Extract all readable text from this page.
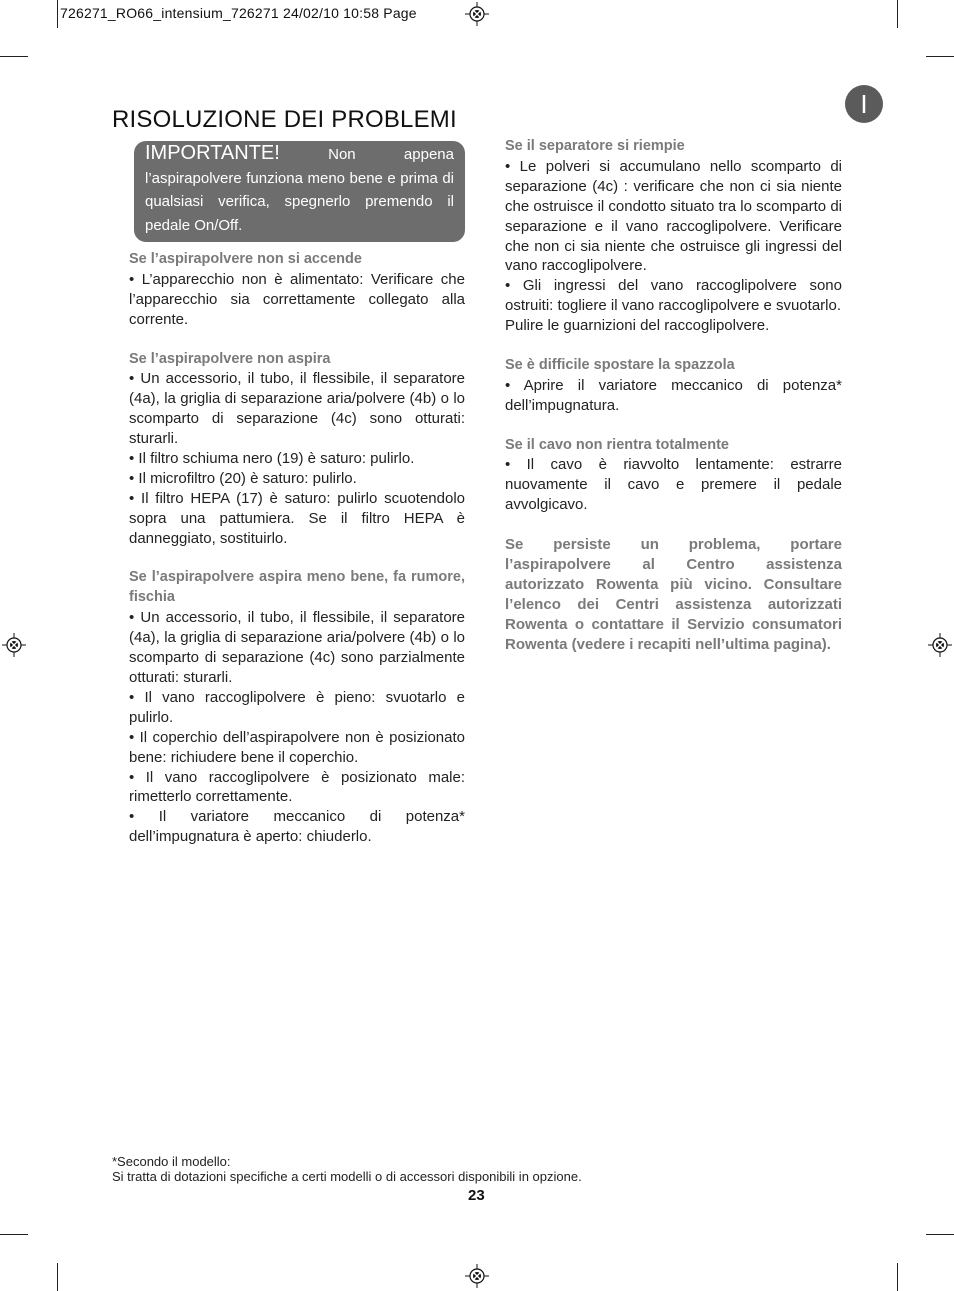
726271_RO66_intensium_726271 24/02/10 10:58 Page
I
RISOLUZIONE DEI PROBLEMI

IMPORTANTE!	Non appena l’aspirapolvere funziona meno bene e prima di qualsiasi verifica, spegnerlo premendo il pedale On/Off.

Se l’aspirapolvere non si accende

• L’apparecchio non è alimentato: Verificare che l’apparecchio sia correttamente collegato alla corrente.

Se l’aspirapolvere non aspira

• Un accessorio, il tubo, il flessibile, il separatore (4a), la griglia di separazione aria/polvere (4b) o lo scomparto di separazione (4c) sono otturati: sturarli.

• Il filtro schiuma nero (19) è saturo: pulirlo.

• Il microfiltro (20) è saturo: pulirlo.

• Il filtro HEPA (17) è saturo: pulirlo scuotendolo sopra una pattumiera. Se il filtro HEPA è danneggiato, sostituirlo.

Se l’aspirapolvere aspira meno bene, fa rumore, fischia

• Un accessorio, il tubo, il flessibile, il separatore (4a), la griglia di separazione aria/polvere (4b) o lo scomparto di separazione (4c) sono parzialmente otturati: sturarli.

• Il vano raccoglipolvere è pieno: svuotarlo e pulirlo.

• Il coperchio dell’aspirapolvere non è posizionato bene: richiudere bene il coperchio.

• Il vano raccoglipolvere è posizionato male: rimetterlo correttamente.

• Il variatore meccanico di potenza* dell’impugnatura è aperto: chiuderlo.

Se il separatore si riempie

• Le polveri si accumulano nello scomparto di separazione (4c) : verificare che non ci sia niente che ostruisce il condotto situato tra lo scomparto di separazione e il vano raccoglipolvere. Verificare che non ci sia niente che ostruisce gli ingressi del vano raccoglipolvere.

• Gli ingressi del vano raccoglipolvere sono ostruiti: togliere il vano raccoglipolvere e svuotarlo.

Pulire le guarnizioni del raccoglipolvere.

Se è difficile spostare la spazzola

• Aprire il variatore meccanico di potenza* dell’impugnatura.

Se il cavo non rientra totalmente

• Il cavo è riavvolto lentamente: estrarre nuovamente il cavo e premere il pedale avvolgicavo.

Se persiste un problema, portare l’aspirapolvere al Centro assistenza autorizzato Rowenta più vicino. Consultare l’elenco dei Centri assistenza autorizzati Rowenta o contattare il Servizio consumatori Rowenta (vedere i recapiti nell’ultima pagina).

*Secondo il modello:
Si tratta di dotazioni specifiche a certi modelli o di accessori disponibili in opzione.
23
